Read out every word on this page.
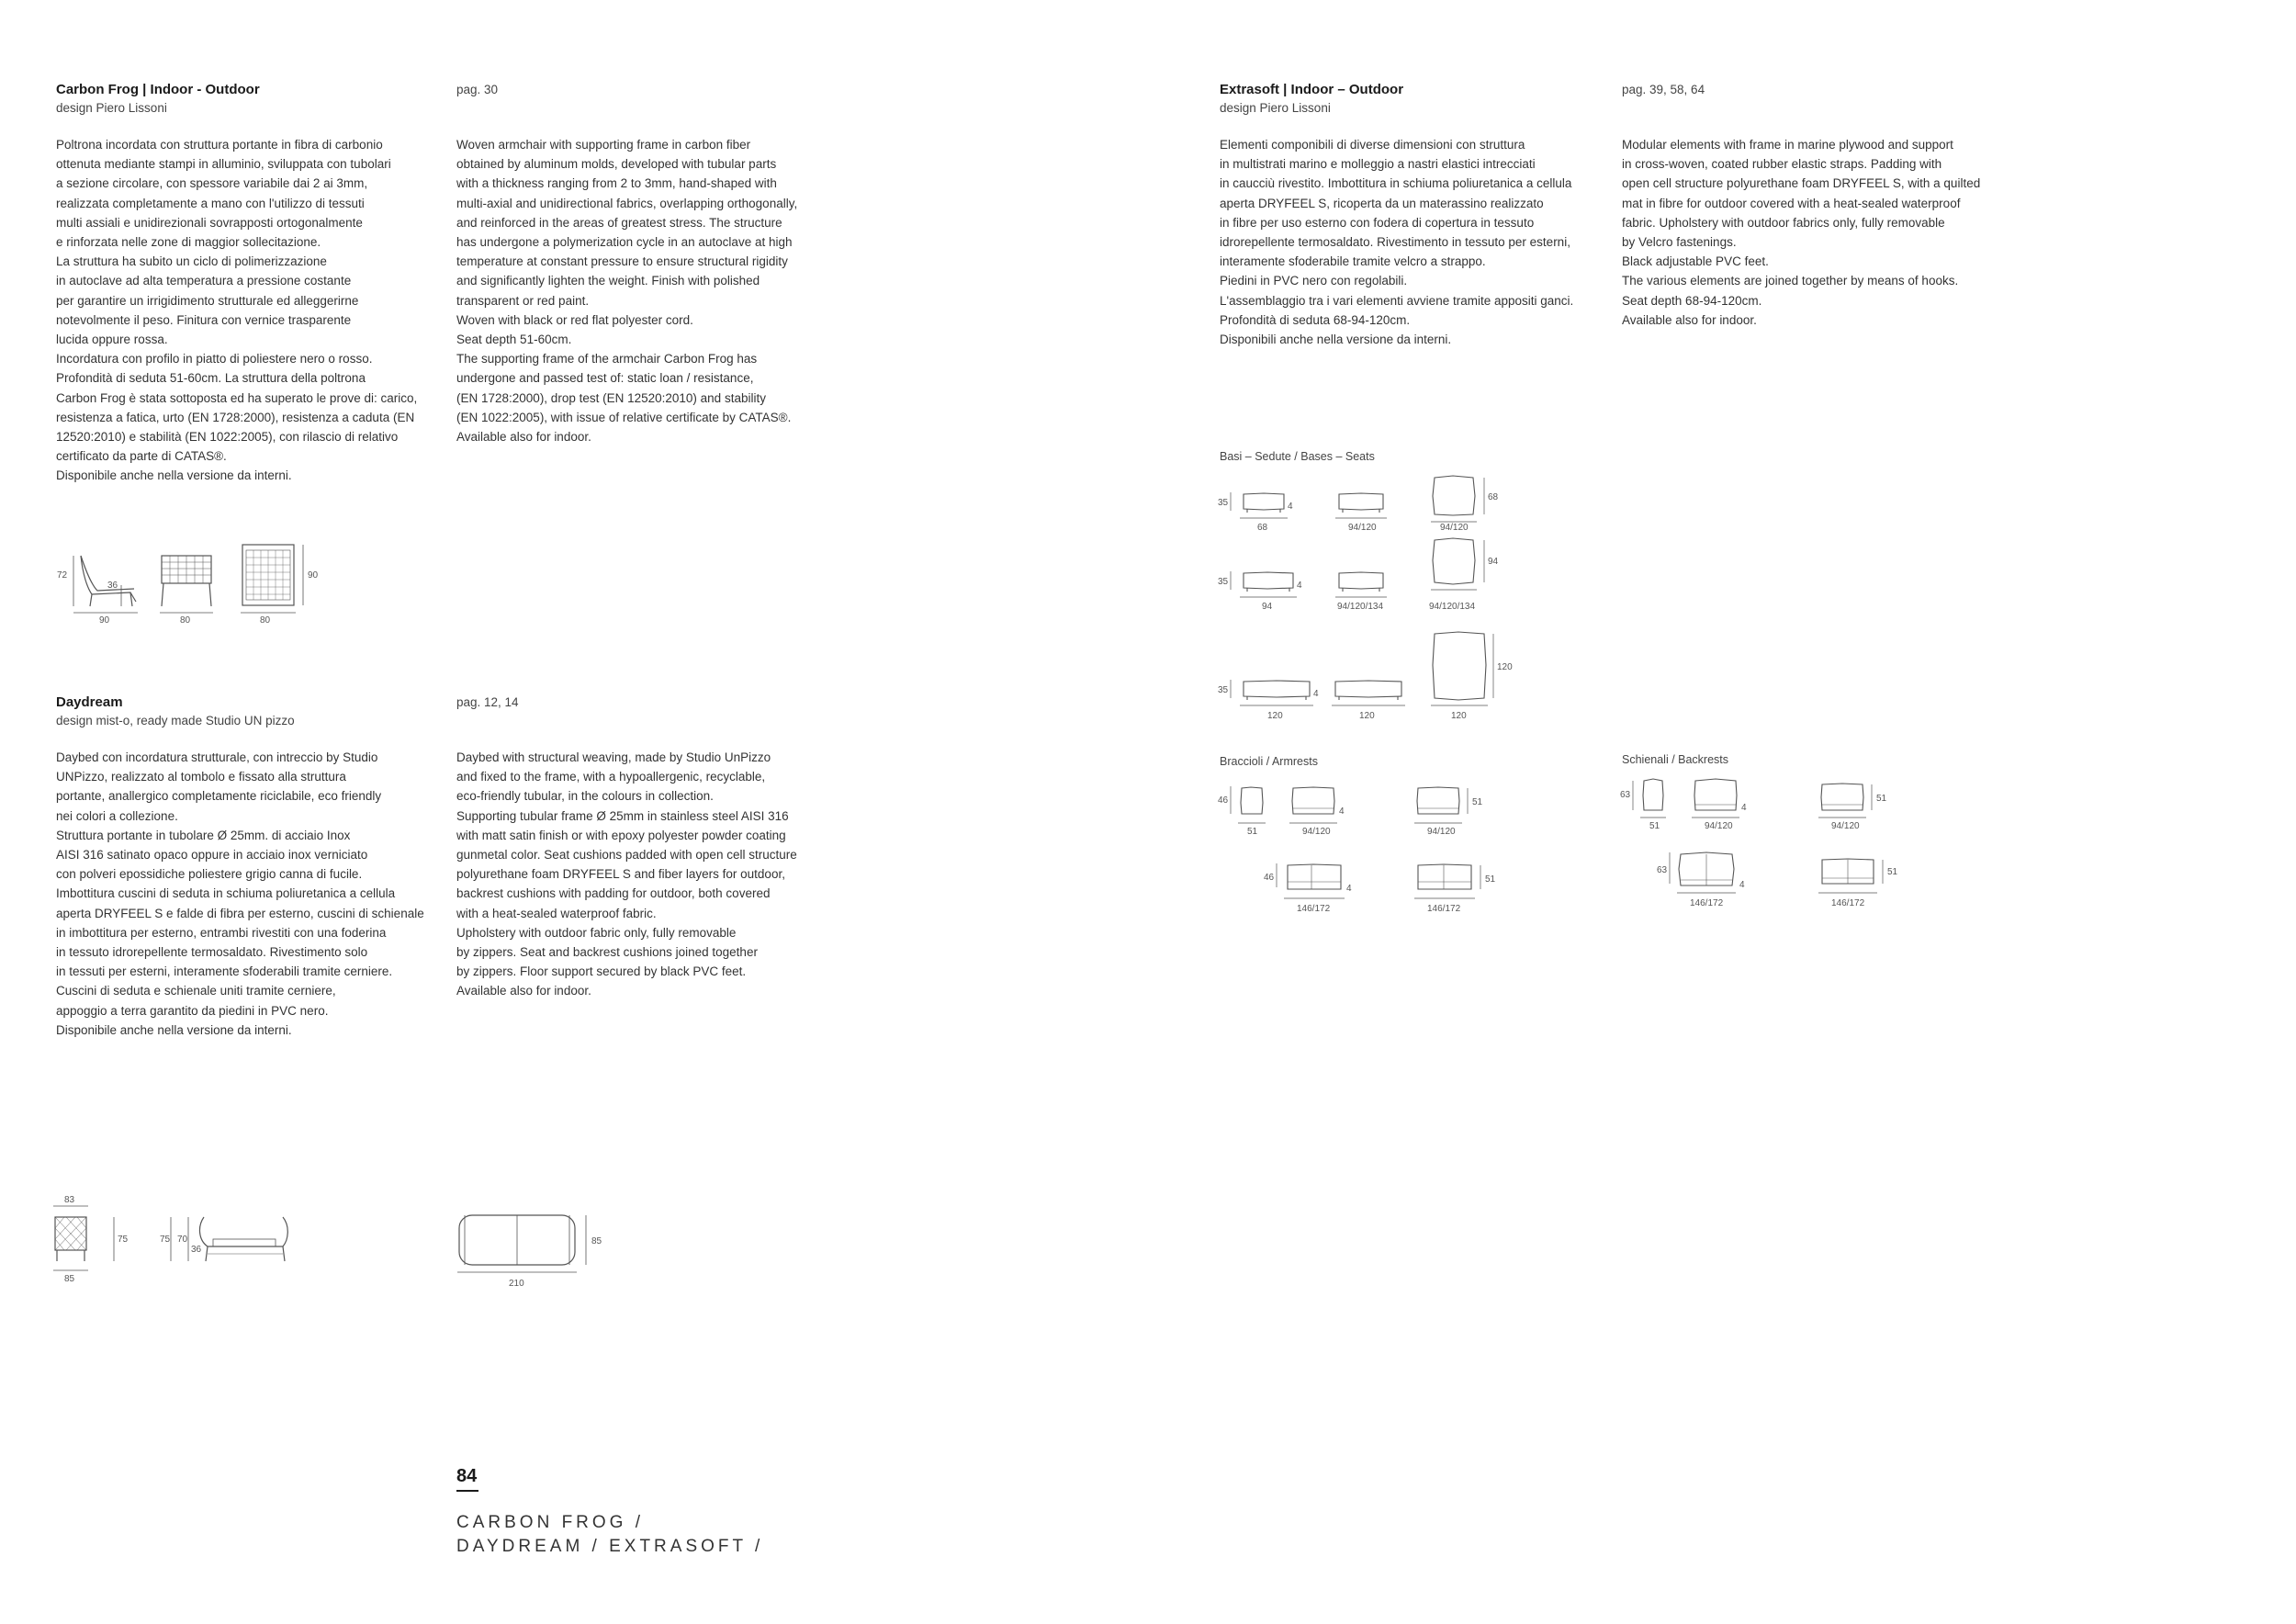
Carbon Frog | Indoor - Outdoor

design Piero Lissoni

Poltrona incordata con struttura portante in fibra di carbonio
ottenuta mediante stampi in alluminio, sviluppata con tubolari
a sezione circolare, con spessore variabile dai 2 ai 3mm,
realizzata completamente a mano con l'utilizzo di tessuti
multi assiali e unidirezionali sovrapposti ortogonalmente
e rinforzata nelle zone di maggior sollecitazione.
La struttura ha subito un ciclo di polimerizzazione
in autoclave ad alta temperatura a pressione costante
per garantire un irrigidimento strutturale ed alleggerirne
notevolmente il peso. Finitura con vernice trasparente
lucida oppure rossa.
Incordatura con profilo in piatto di poliestere nero o rosso.
Profondità di seduta 51-60cm. La struttura della poltrona
Carbon Frog è stata sottoposta ed ha superato le prove di: carico,
resistenza a fatica, urto (EN 1728:2000), resistenza a caduta (EN
12520:2010) e stabilità (EN 1022:2005), con rilascio di relativo
certificato da parte di CATAS®.
Disponibile anche nella versione da interni.

pag. 30

Woven armchair with supporting frame in carbon fiber
obtained by aluminum molds, developed with tubular parts
with a thickness ranging from 2 to 3mm, hand-shaped with
multi-axial and unidirectional fabrics, overlapping orthogonally,
and reinforced in the areas of greatest stress. The structure
has undergone a polymerization cycle in an autoclave at high
temperature at constant pressure to ensure structural rigidity
and significantly lighten the weight. Finish with polished
transparent or red paint.
Woven with black or red flat polyester cord.
Seat depth 51-60cm.
The supporting frame of the armchair Carbon Frog has
undergone and passed test of: static loan / resistance,
(EN 1728:2000), drop test (EN 12520:2010) and stability
(EN 1022:2005), with issue of relative certificate by CATAS®.
Available also for indoor.
72
36
90	80	80
90

Daydream

design mist-o, ready made Studio UN pizzo

Daybed con incordatura strutturale, con intreccio by Studio
UNPizzo, realizzato al tombolo e fissato alla struttura
portante, anallergico completamente riciclabile, eco friendly
nei colori a collezione.
Struttura portante in tubolare Ø 25mm. di acciaio Inox
AISI 316 satinato opaco oppure in acciaio inox verniciato
con polveri epossidiche poliestere grigio canna di fucile.
Imbottitura cuscini di seduta in schiuma poliuretanica a cellula
aperta DRYFEEL S e falde di fibra per esterno, cuscini di schienale
in imbottitura per esterno, entrambi rivestiti con una foderina
in tessuto idrorepellente termosaldato. Rivestimento solo
in tessuti per esterni, interamente sfoderabili tramite cerniere.
Cuscini di seduta e schienale uniti tramite cerniere,
appoggio a terra garantito da piedini in PVC nero.
Disponibile anche nella versione da interni.

pag. 12, 14

Daybed with structural weaving, made by Studio UnPizzo
and fixed to the frame, with a hypoallergenic, recyclable,
eco-friendly tubular, in the colours in collection.
Supporting tubular frame Ø 25mm in stainless steel AISI 316
with matt satin finish or with epoxy polyester powder coating
gunmetal color. Seat cushions padded with open cell structure
polyurethane foam DRYFEEL S and fiber layers for outdoor,
backrest cushions with padding for outdoor, both covered
with a heat-sealed waterproof fabric.
Upholstery with outdoor fabric only, fully removable
by zippers. Seat and backrest cushions joined together
by zippers. Floor support secured by black PVC feet.
Available also for indoor.
83
75
85
75 70
36
210
85

Extrasoft | Indoor – Outdoor

design Piero Lissoni

Elementi componibili di diverse dimensioni con struttura
in multistrati marino e molleggio a nastri elastici intrecciati
in caucciù rivestito. Imbottitura in schiuma poliuretanica a cellula
aperta DRYFEEL S, ricoperta da un materassino realizzato
in fibre per uso esterno con fodera di copertura in tessuto
idrorepellente termosaldato. Rivestimento in tessuto per esterni,
interamente sfoderabile tramite velcro a strappo.
Piedini in PVC nero con regolabili.
L'assemblaggio tra i vari elementi avviene tramite appositi ganci.
Profondità di seduta 68-94-120cm.
Disponibili anche nella versione da interni.

pag. 39, 58, 64

Modular elements with frame in marine plywood and support
in cross-woven, coated rubber elastic straps. Padding with
open cell structure polyurethane foam DRYFEEL S, with a quilted
mat in fibre for outdoor covered with a heat-sealed waterproof
fabric. Upholstery with outdoor fabrics only, fully removable
by Velcro fastenings.
Black adjustable PVC feet.
The various elements are joined together by means of hooks.
Seat depth 68-94-120cm.
Available also for indoor.
Basi – Sedute / Bases – Seats
35	4
68	94/120	94/120
68
35	4
94	94/120/134	94/120/134
94
35	4
120	120	120
120
Braccioli / Armrests
46
51	94/120
4
94/120
51
46
4
146/172	146/172
51
Schienali / Backrests
63
51	94/120
4
94/120
51
63
4
146/172	146/172
51
84
CARBON FROG /
DAYDREAM / EXTRASOFT /
